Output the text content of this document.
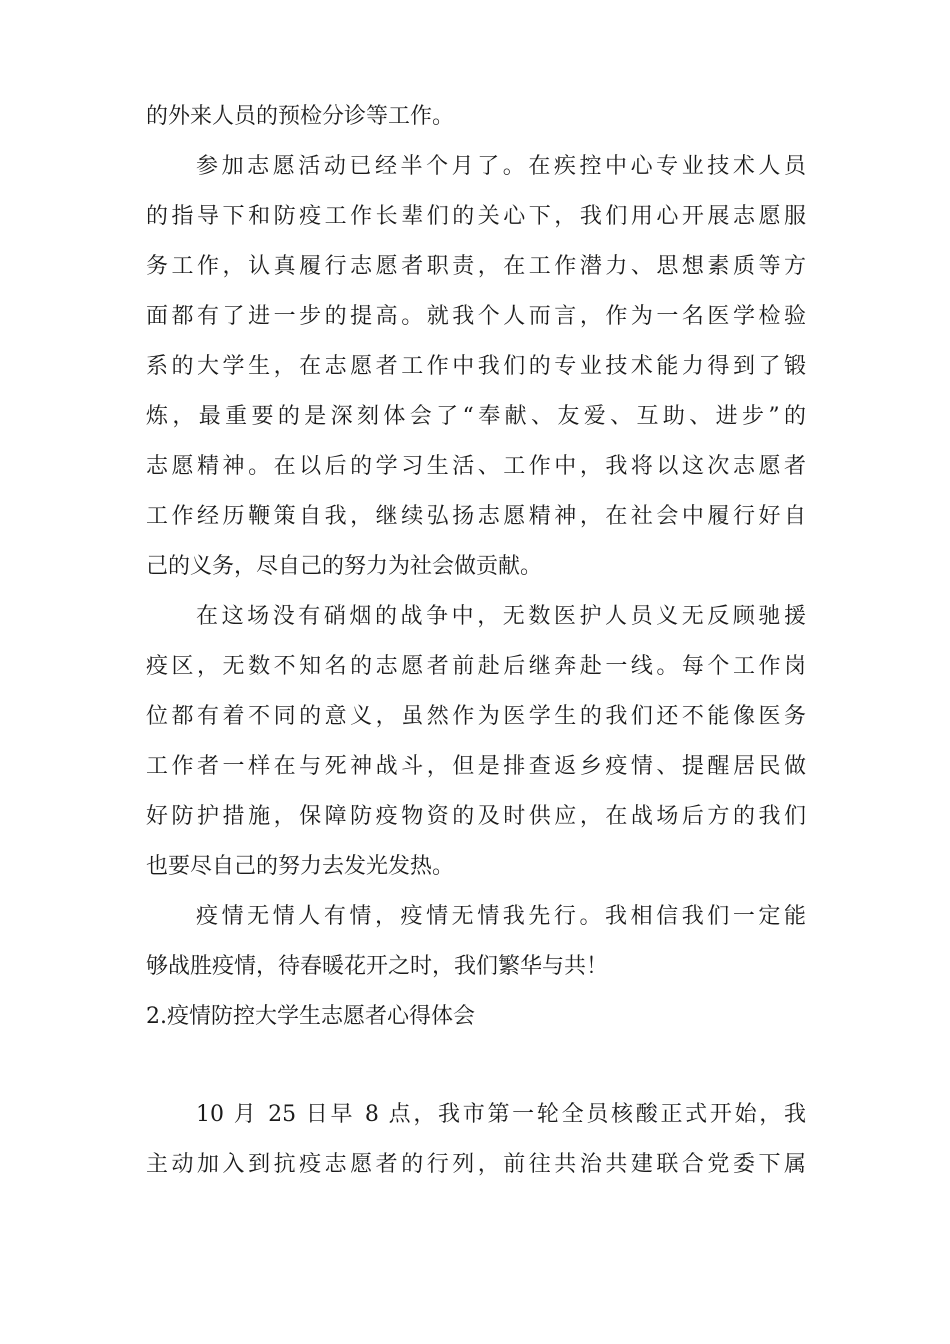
的外来人员的预检分诊等工作。
参加志愿活动已经半个月了。在疾控中心专业技术人员
的指导下和防疫工作长辈们的关心下，我们用心开展志愿服
务工作，认真履行志愿者职责，在工作潜力、思想素质等方
面都有了进一步的提高。就我个人而言，作为一名医学检验
系的大学生，在志愿者工作中我们的专业技术能力得到了锻
炼，最重要的是深刻体会了“奉献、友爱、互助、进步”的
志愿精神。在以后的学习生活、工作中，我将以这次志愿者
工作经历鞭策自我，继续弘扬志愿精神，在社会中履行好自
己的义务，尽自己的努力为社会做贡献。
在这场没有硝烟的战争中，无数医护人员义无反顾驰援
疫区，无数不知名的志愿者前赴后继奔赴一线。每个工作岗
位都有着不同的意义，虽然作为医学生的我们还不能像医务
工作者一样在与死神战斗，但是排查返乡疫情、提醒居民做
好防护措施，保障防疫物资的及时供应，在战场后方的我们
也要尽自己的努力去发光发热。
疫情无情人有情，疫情无情我先行。我相信我们一定能
够战胜疫情，待春暖花开之时，我们繁华与共！
2.疫情防控大学生志愿者心得体会
10 月 25 日早 8 点，我市第一轮全员核酸正式开始，我
主动加入到抗疫志愿者的行列，前往共治共建联合党委下属
